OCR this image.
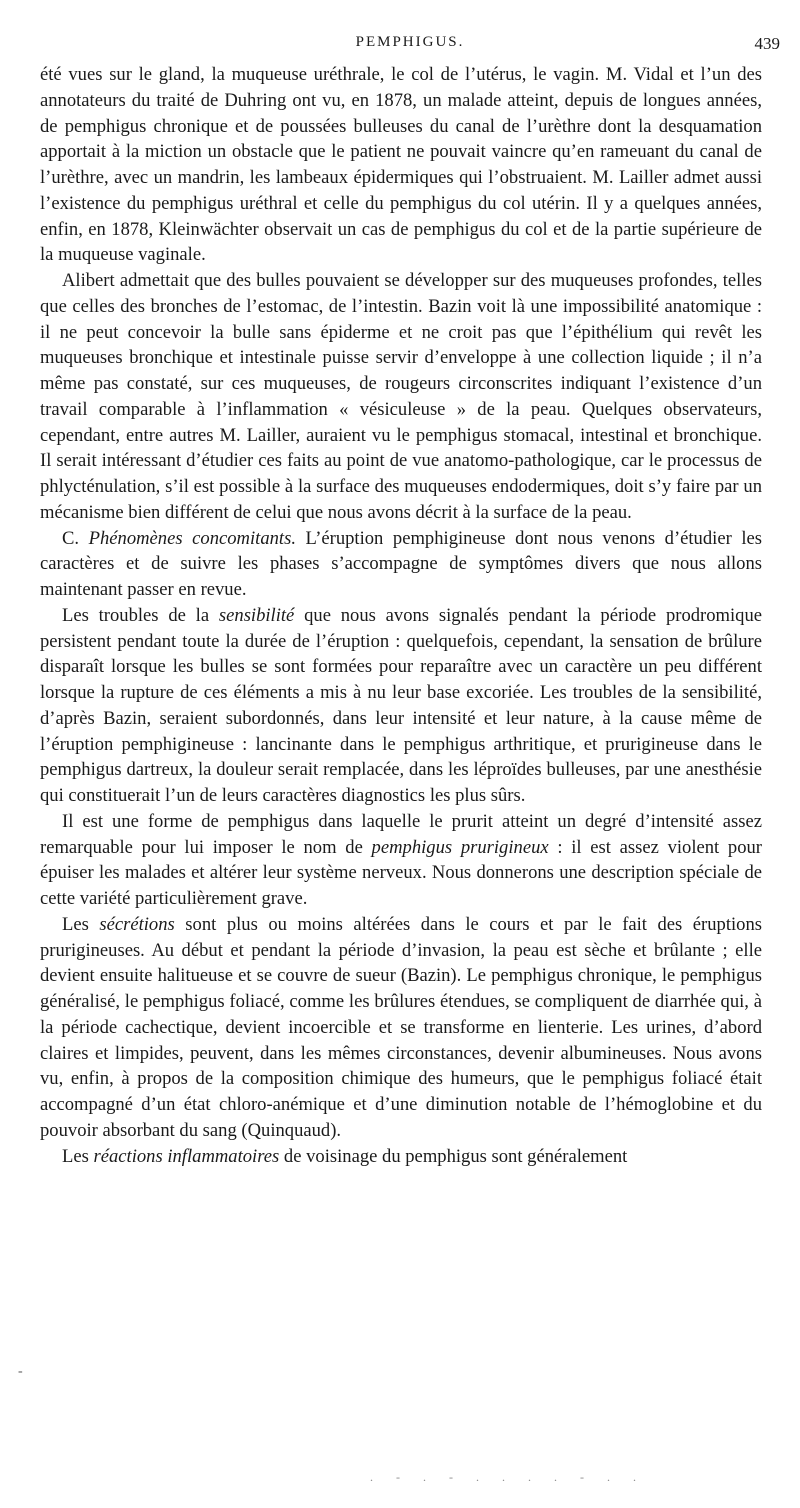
PEMPHIGUS.	439

été vues sur le gland, la muqueuse uréthrale, le col de l’utérus, le vagin. M. Vidal et l’un des annotateurs du traité de Duhring ont vu, en 1878, un malade atteint, depuis de longues années, de pemphigus chronique et de poussées bulleuses du canal de l’urèthre dont la desquamation apportait à la miction un obstacle que le patient ne pouvait vaincre qu’en rameuant du canal de l’urèthre, avec un mandrin, les lambeaux épidermiques qui l’obstruaient. M. Lailler admet aussi l’existence du pemphigus uréthral et celle du pemphigus du col utérin. Il y a quelques années, enfin, en 1878, Kleinwächter observait un cas de pemphigus du col et de la partie supérieure de la muqueuse vaginale.

Alibert admettait que des bulles pouvaient se développer sur des muqueuses profondes, telles que celles des bronches de l’estomac, de l’intestin. Bazin voit là une impossibilité anatomique : il ne peut concevoir la bulle sans épiderme et ne croit pas que l’épithélium qui revêt les muqueuses bronchique et intestinale puisse servir d’enveloppe à une collection liquide ; il n’a même pas constaté, sur ces muqueuses, de rougeurs circonscrites indiquant l’existence d’un travail comparable à l’inflammation « vésiculeuse » de la peau. Quelques observateurs, cependant, entre autres M. Lailler, auraient vu le pemphigus stomacal, intestinal et bronchique. Il serait intéressant d’étudier ces faits au point de vue anatomo-pathologique, car le processus de phlycténulation, s’il est possible à la surface des muqueuses endodermiques, doit s’y faire par un mécanisme bien différent de celui que nous avons décrit à la surface de la peau.

C. Phénomènes concomitants. L’éruption pemphigineuse dont nous venons d’étudier les caractères et de suivre les phases s’accompagne de symptômes divers que nous allons maintenant passer en revue.

Les troubles de la sensibilité que nous avons signalés pendant la période prodromique persistent pendant toute la durée de l’éruption : quelquefois, cependant, la sensation de brûlure disparaît lorsque les bulles se sont formées pour reparaître avec un caractère un peu différent lorsque la rupture de ces éléments a mis à nu leur base excoriée. Les troubles de la sensibilité, d’après Bazin, seraient subordonnés, dans leur intensité et leur nature, à la cause même de l’éruption pemphigineuse : lancinante dans le pemphigus arthritique, et prurigineuse dans le pemphigus dartreux, la douleur serait remplacée, dans les léproïdes bulleuses, par une anesthésie qui constituerait l’un de leurs caractères diagnostics les plus sûrs.

Il est une forme de pemphigus dans laquelle le prurit atteint un degré d’intensité assez remarquable pour lui imposer le nom de pemphigus prurigineux : il est assez violent pour épuiser les malades et altérer leur système nerveux. Nous donnerons une description spéciale de cette variété particulièrement grave.

Les sécrétions sont plus ou moins altérées dans le cours et par le fait des éruptions prurigineuses. Au début et pendant la période d’invasion, la peau est sèche et brûlante ; elle devient ensuite halitueuse et se couvre de sueur (Bazin). Le pemphigus chronique, le pemphigus généralisé, le pemphigus foliacé, comme les brûlures étendues, se compliquent de diarrhée qui, à la période cachectique, devient incoercible et se transforme en lienterie. Les urines, d’abord claires et limpides, peuvent, dans les mêmes circonstances, devenir albumineuses. Nous avons vu, enfin, à propos de la composition chimique des humeurs, que le pemphigus foliacé était accompagné d’un état chloro-anémique et d’une diminution notable de l’hémoglobine et du pouvoir absorbant du sang (Quinquaud).

Les réactions inflammatoires de voisinage du pemphigus sont généralement

-
. - . - . . . . - . .
